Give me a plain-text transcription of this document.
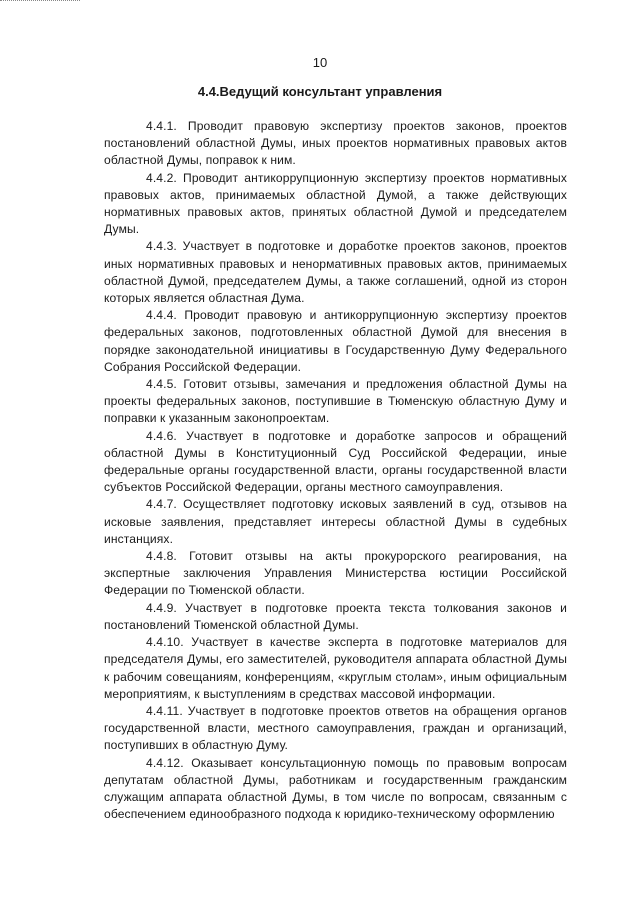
10
4.4.Ведущий консультант управления

4.4.1. Проводит правовую экспертизу проектов законов, проектов постановлений областной Думы, иных проектов нормативных правовых актов областной Думы, поправок к ним.

4.4.2. Проводит антикоррупционную экспертизу проектов нормативных правовых актов, принимаемых областной Думой, а также действующих нормативных правовых актов, принятых областной Думой и председателем Думы.

4.4.3. Участвует в подготовке и доработке проектов законов, проектов иных нормативных правовых и ненормативных правовых актов, принимаемых областной Думой, председателем Думы, а также соглашений, одной из сторон которых является областная Дума.

4.4.4. Проводит правовую и антикоррупционную экспертизу проектов федеральных законов, подготовленных областной Думой для внесения в порядке законодательной инициативы в Государственную Думу Федерального Собрания Российской Федерации.

4.4.5. Готовит отзывы, замечания и предложения областной Думы на проекты федеральных законов, поступившие в Тюменскую областную Думу и поправки к указанным законопроектам.

4.4.6. Участвует в подготовке и доработке запросов и обращений областной Думы в Конституционный Суд Российской Федерации, иные федеральные органы государственной власти, органы государственной власти субъектов Российской Федерации, органы местного самоуправления.

4.4.7. Осуществляет подготовку исковых заявлений в суд, отзывов на исковые заявления, представляет интересы областной Думы в судебных инстанциях.

4.4.8. Готовит отзывы на акты прокурорского реагирования, на экспертные заключения Управления Министерства юстиции Российской Федерации по Тюменской области.

4.4.9. Участвует в подготовке проекта текста толкования законов и постановлений Тюменской областной Думы.

4.4.10. Участвует в качестве эксперта в подготовке материалов для председателя Думы, его заместителей, руководителя аппарата областной Думы к рабочим совещаниям, конференциям, «круглым столам», иным официальным мероприятиям, к выступлениям в средствах массовой информации.

4.4.11. Участвует в подготовке проектов ответов на обращения органов государственной власти, местного самоуправления, граждан и организаций, поступивших в областную Думу.

4.4.12. Оказывает консультационную помощь по правовым вопросам депутатам областной Думы, работникам и государственным гражданским служащим аппарата областной Думы, в том числе по вопросам, связанным с обеспечением единообразного подхода к юридико-техническому оформлению
